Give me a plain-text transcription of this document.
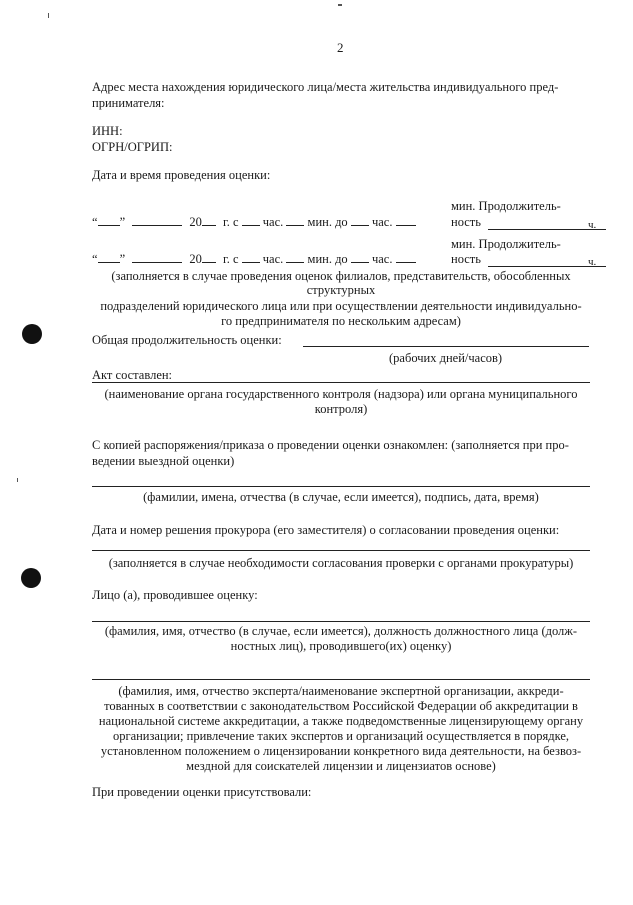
2
Адрес места нахождения юридического лица/места жительства индивидуального пред-
принимателя:
ИНН:
ОГРН/ОГРИП:
Дата и время проведения оценки:
мин. Продолжитель-
“ ”	20 г. с час. мин. до час.	ность	ч.
мин. Продолжитель-
“ ”	20 г. с час. мин. до час.	ность	ч.
(заполняется в случае проведения оценок филиалов, представительств, обособленных
структурных
подразделений юридического лица или при осуществлении деятельности индивидуально-
го предпринимателя по нескольким адресам)
Общая продолжительность оценки:
(рабочих дней/часов)
Акт составлен:
(наименование органа государственного контроля (надзора) или органа муниципального
контроля)
С копией распоряжения/приказа о проведении оценки ознакомлен: (заполняется при про-
ведении выездной оценки)
(фамилии, имена, отчества (в случае, если имеется), подпись, дата, время)
Дата и номер решения прокурора (его заместителя) о согласовании проведения оценки:
(заполняется в случае необходимости согласования проверки с органами прокуратуры)
Лицо (а), проводившее оценку:
(фамилия, имя, отчество (в случае, если имеется), должность должностного лица (долж-
ностных лиц), проводившего(их) оценку)
(фамилия, имя, отчество эксперта/наименование экспертной организации, аккреди-
тованных в соответствии с законодательством Российской Федерации об аккредитации в
национальной системе аккредитации, а также подведомственные лицензирующему органу
организации; привлечение таких экспертов и организаций осуществляется в порядке,
установленном положением о лицензировании конкретного вида деятельности, на безвоз-
мездной для соискателей лицензии и лицензиатов основе)
При проведении оценки присутствовали:
